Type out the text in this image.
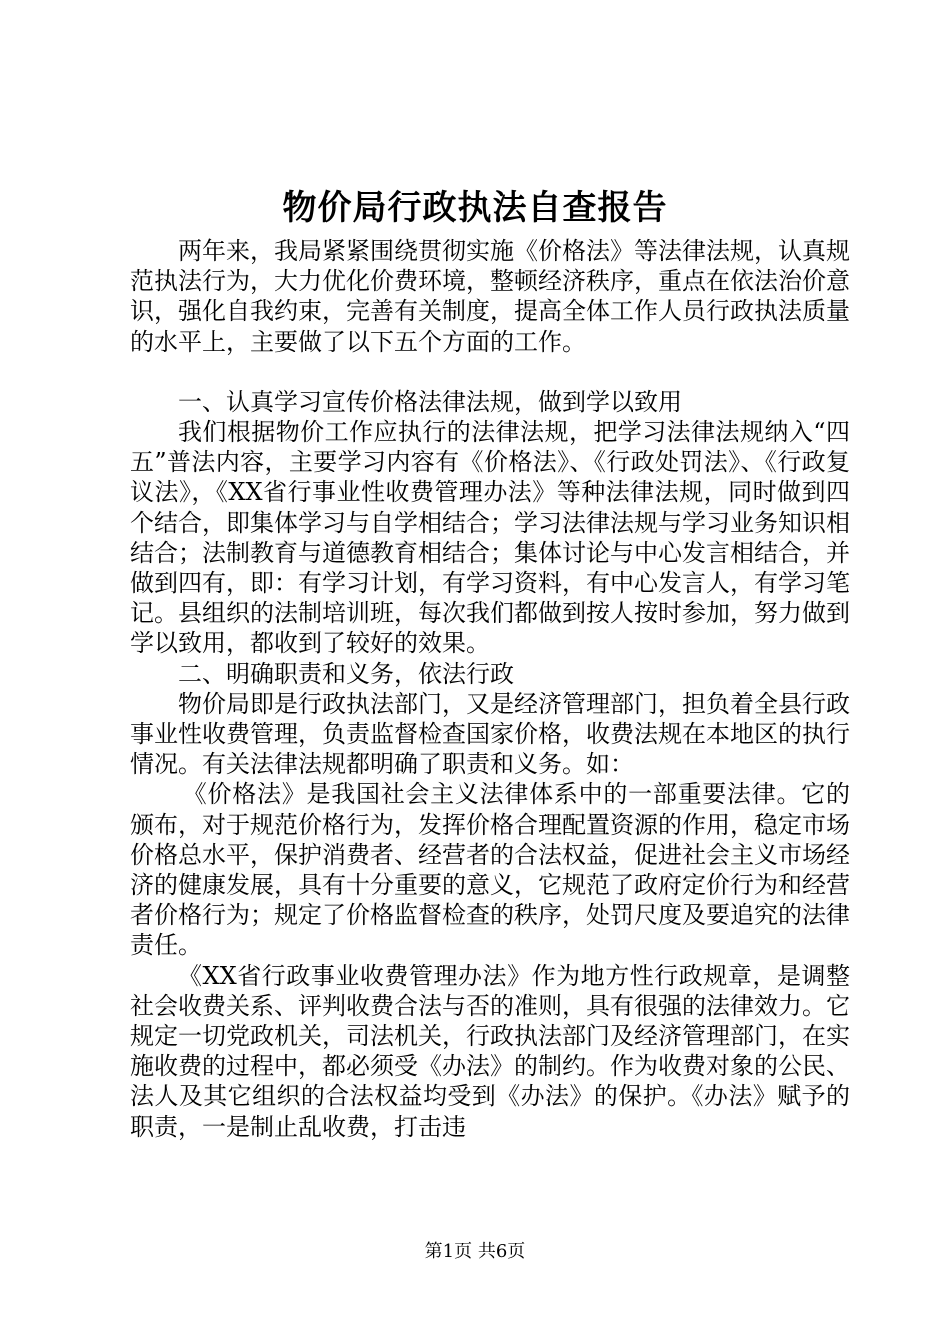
物价局行政执法自查报告

两年来，我局紧紧围绕贯彻实施《价格法》等法律法规，认真规范执法行为，大力优化价费环境，整顿经济秩序，重点在依法治价意识，强化自我约束，完善有关制度，提高全体工作人员行政执法质量的水平上，主要做了以下五个方面的工作。

一、认真学习宣传价格法律法规，做到学以致用

我们根据物价工作应执行的法律法规，把学习法律法规纳入“四五”普法内容，主要学习内容有《价格法》、《行政处罚法》、《行政复议法》，《XX省行事业性收费管理办法》等种法律法规，同时做到四个结合，即集体学习与自学相结合；学习法律法规与学习业务知识相结合；法制教育与道德教育相结合；集体讨论与中心发言相结合，并做到四有，即：有学习计划，有学习资料，有中心发言人，有学习笔记。县组织的法制培训班，每次我们都做到按人按时参加，努力做到学以致用，都收到了较好的效果。

二、明确职责和义务，依法行政

物价局即是行政执法部门，又是经济管理部门，担负着全县行政事业性收费管理，负责监督检查国家价格，收费法规在本地区的执行情况。有关法律法规都明确了职责和义务。如：

《价格法》是我国社会主义法律体系中的一部重要法律。它的颁布，对于规范价格行为，发挥价格合理配置资源的作用，稳定市场价格总水平，保护消费者、经营者的合法权益，促进社会主义市场经济的健康发展，具有十分重要的意义，它规范了政府定价行为和经营者价格行为；规定了价格监督检查的秩序，处罚尺度及要追究的法律责任。

《XX省行政事业收费管理办法》作为地方性行政规章，是调整社会收费关系、评判收费合法与否的准则，具有很强的法律效力。它规定一切党政机关，司法机关，行政执法部门及经济管理部门，在实施收费的过程中，都必须受《办法》的制约。作为收费对象的公民、法人及其它组织的合法权益均受到《办法》的保护。《办法》赋予的职责，一是制止乱收费，打击违

第1页 共6页
